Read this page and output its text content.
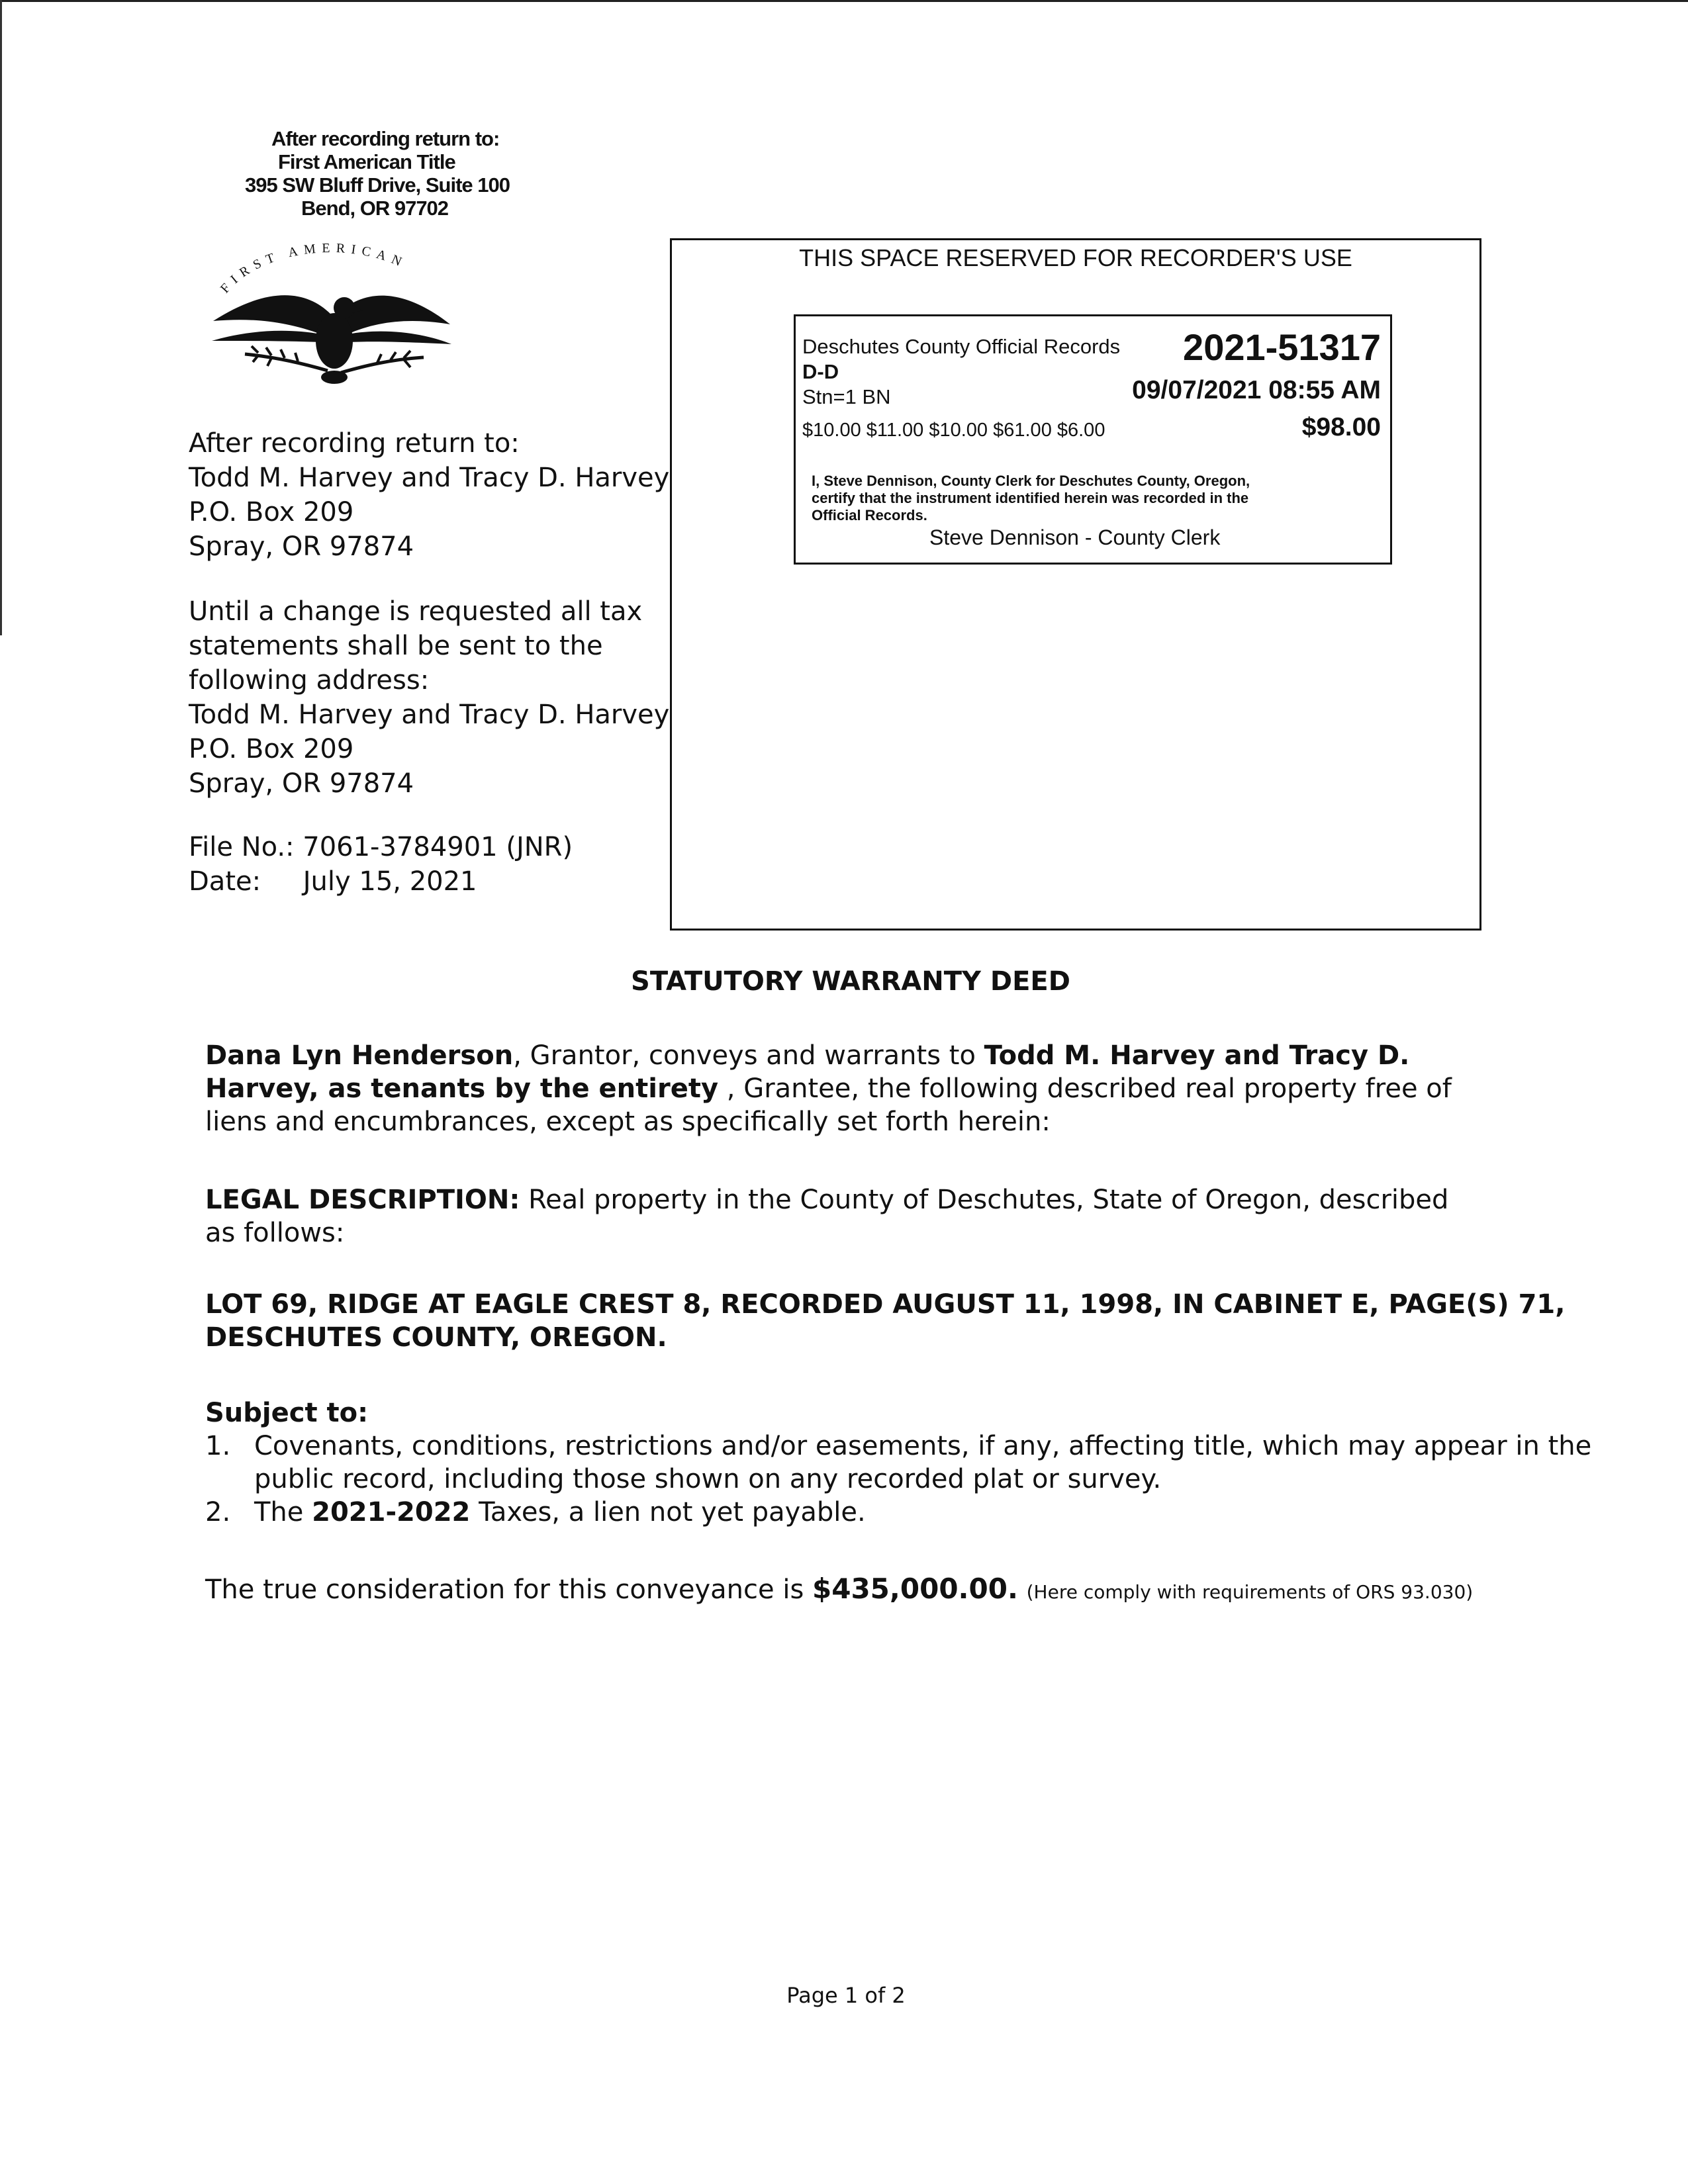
After recording return to:
First American Title
395 SW Bluff Drive, Suite 100
Bend, OR 97702
FIRST AMERICAN
After recording return to:
Todd M. Harvey and Tracy D. Harvey
P.O. Box 209
Spray, OR 97874
Until a change is requested all tax
statements shall be sent to the
following address:
Todd M. Harvey and Tracy D. Harvey
P.O. Box 209
Spray, OR 97874
File No.: 7061-3784901 (JNR)
Date: July 15, 2021
THIS SPACE RESERVED FOR RECORDER'S USE
Deschutes County Official Records 2021-51317
D-D
Stn=1 BN	09/07/2021 08:55 AM
$10.00 $11.00 $10.00 $61.00 $6.00	$98.00
I, Steve Dennison, County Clerk for Deschutes County, Oregon,
certify that the instrument identified herein was recorded in the
Official Records.
Steve Dennison - County Clerk
STATUTORY WARRANTY DEED
Dana Lyn Henderson, Grantor, conveys and warrants to Todd M. Harvey and Tracy D. Harvey, as tenants by the entirety , Grantee, the following described real property free of liens and encumbrances, except as specifically set forth herein:
LEGAL DESCRIPTION: Real property in the County of Deschutes, State of Oregon, described as follows:
LOT 69, RIDGE AT EAGLE CREST 8, RECORDED AUGUST 11, 1998, IN CABINET E, PAGE(S) 71,
DESCHUTES COUNTY, OREGON.
Subject to:
1. Covenants, conditions, restrictions and/or easements, if any, affecting title, which may appear in the
public record, including those shown on any recorded plat or survey.
2. The 2021-2022 Taxes, a lien not yet payable.
The true consideration for this conveyance is $435,000.00. (Here comply with requirements of ORS 93.030)
Page 1 of 2
